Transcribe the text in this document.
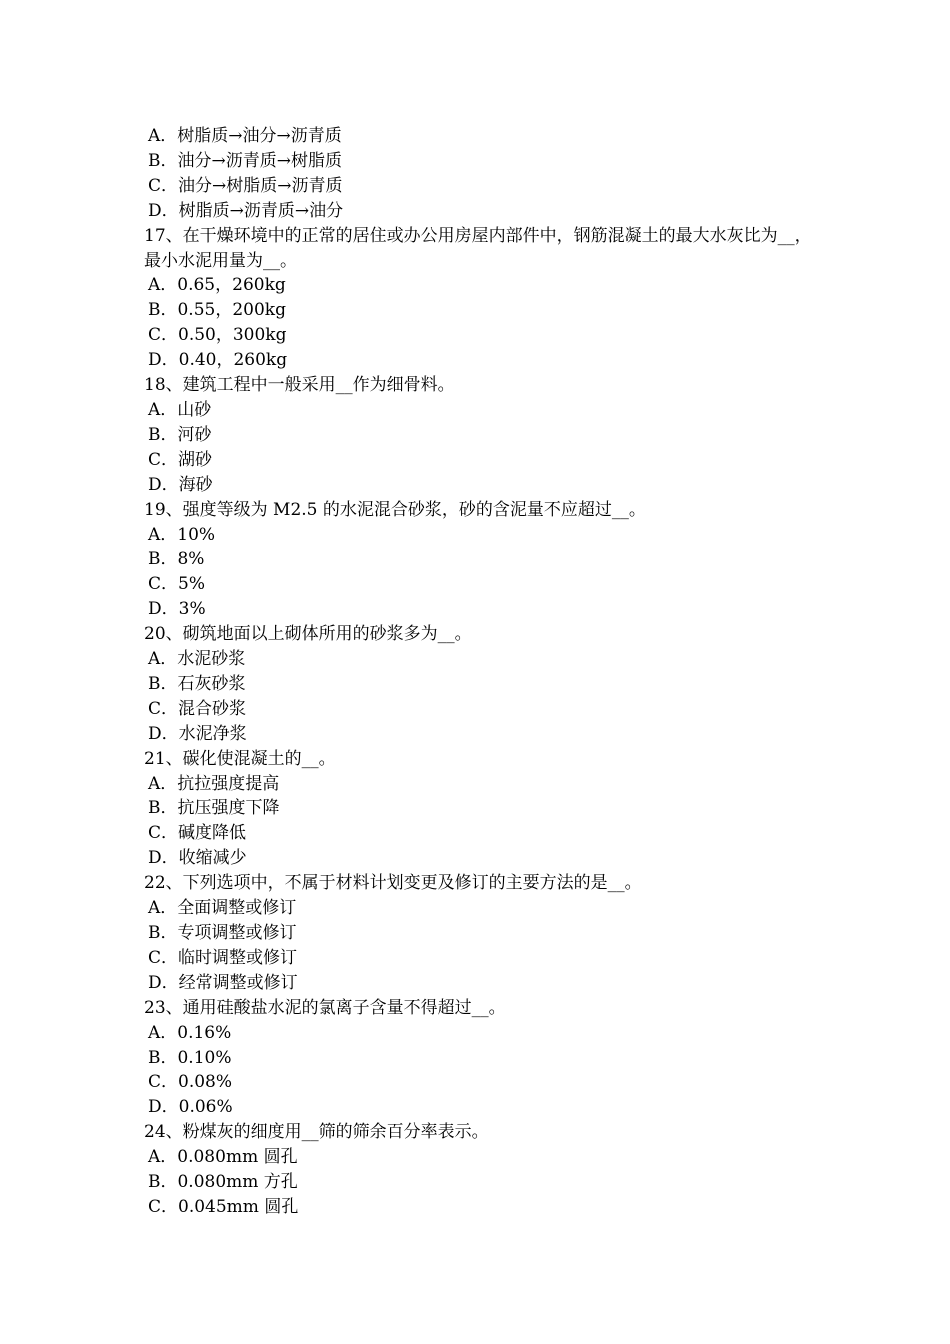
A．树脂质→油分→沥青质

B．油分→沥青质→树脂质

C．油分→树脂质→沥青质

D．树脂质→沥青质→油分

17、在干燥环境中的正常的居住或办公用房屋内部件中，钢筋混凝土的最大水灰比为__，最小水泥用量为__。

A．0.65，260kg

B．0.55，200kg

C．0.50，300kg

D．0.40，260kg

18、建筑工程中一般采用__作为细骨料。

A．山砂

B．河砂

C．湖砂

D．海砂

19、强度等级为 M2.5 的水泥混合砂浆，砂的含泥量不应超过__。

A．10%

B．8%

C．5%

D．3%

20、砌筑地面以上砌体所用的砂浆多为__。

A．水泥砂浆

B．石灰砂浆

C．混合砂浆

D．水泥净浆

21、碳化使混凝土的__。

A．抗拉强度提高

B．抗压强度下降

C．碱度降低

D．收缩减少

22、下列选项中，不属于材料计划变更及修订的主要方法的是__。

A．全面调整或修订

B．专项调整或修订

C．临时调整或修订

D．经常调整或修订

23、通用硅酸盐水泥的氯离子含量不得超过__。

A．0.16%

B．0.10%

C．0.08%

D．0.06%

24、粉煤灰的细度用__筛的筛余百分率表示。

A．0.080mm 圆孔

B．0.080mm 方孔

C．0.045mm 圆孔
